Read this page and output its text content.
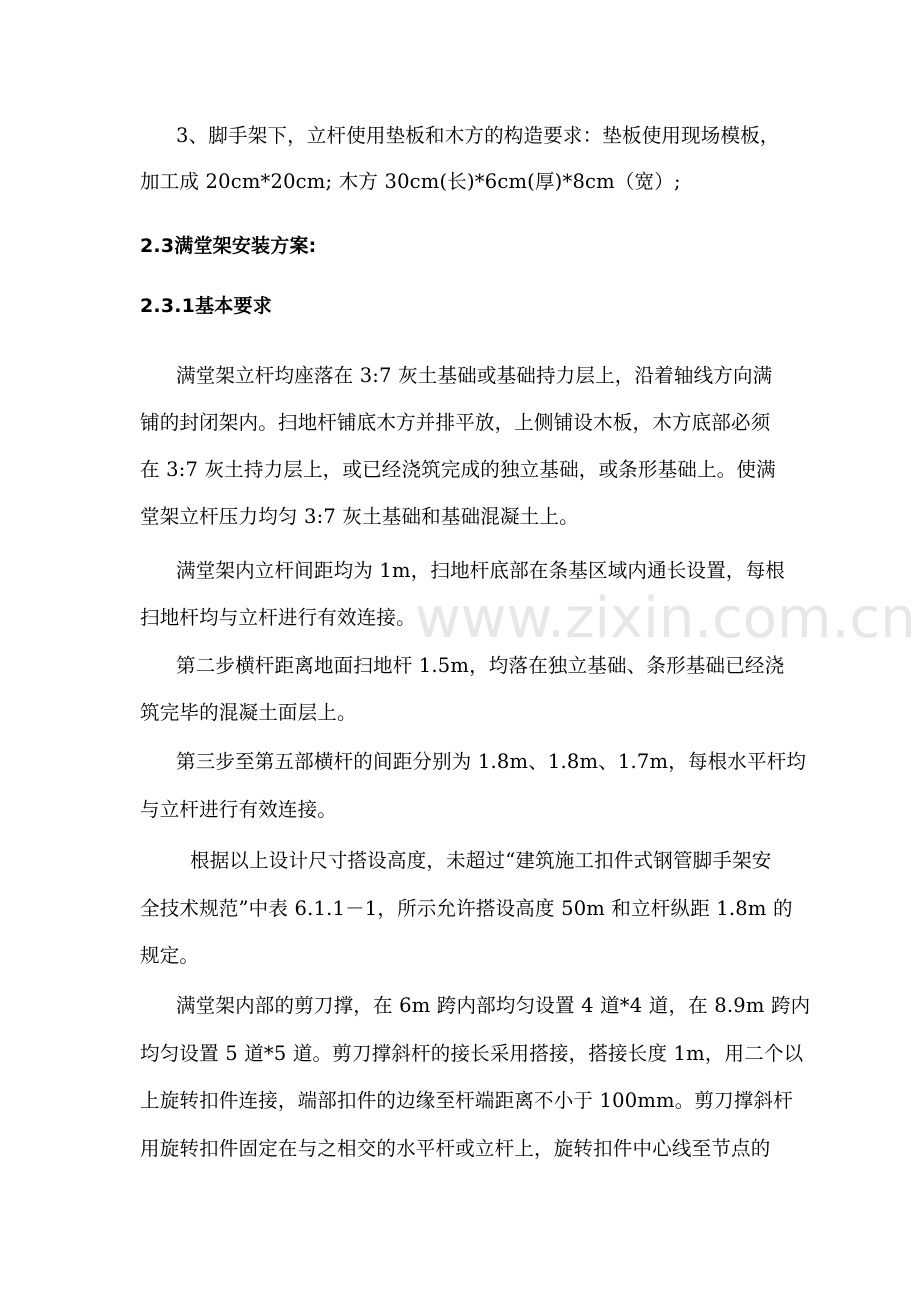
3、脚手架下，立杆使用垫板和木方的构造要求：垫板使用现场模板，
加工成 20cm*20cm; 木方 30cm(长)*6cm(厚)*8cm（宽）;
2.3满堂架安装方案:
2.3.1基本要求
满堂架立杆均座落在 3:7 灰土基础或基础持力层上，沿着轴线方向满
铺的封闭架内。扫地杆铺底木方并排平放，上侧铺设木板，木方底部必须
在 3:7 灰土持力层上，或已经浇筑完成的独立基础，或条形基础上。使满
堂架立杆压力均匀 3:7 灰土基础和基础混凝土上。
满堂架内立杆间距均为 1m，扫地杆底部在条基区域内通长设置，每根
扫地杆均与立杆进行有效连接。
第二步横杆距离地面扫地杆 1.5m，均落在独立基础、条形基础已经浇
筑完毕的混凝土面层上。
第三步至第五部横杆的间距分别为 1.8m、1.8m、1.7m，每根水平杆均
与立杆进行有效连接。
根据以上设计尺寸搭设高度，未超过“建筑施工扣件式钢管脚手架安
全技术规范”中表 6.1.1－1，所示允许搭设高度 50m 和立杆纵距 1.8m 的
规定。
满堂架内部的剪刀撑，在 6m 跨内部均匀设置 4 道*4 道，在 8.9m 跨内
均匀设置 5 道*5 道。剪刀撑斜杆的接长采用搭接，搭接长度 1m，用二个以
上旋转扣件连接，端部扣件的边缘至杆端距离不小于 100mm。剪刀撑斜杆
用旋转扣件固定在与之相交的水平杆或立杆上，旋转扣件中心线至节点的
www.zixin.com.cn
